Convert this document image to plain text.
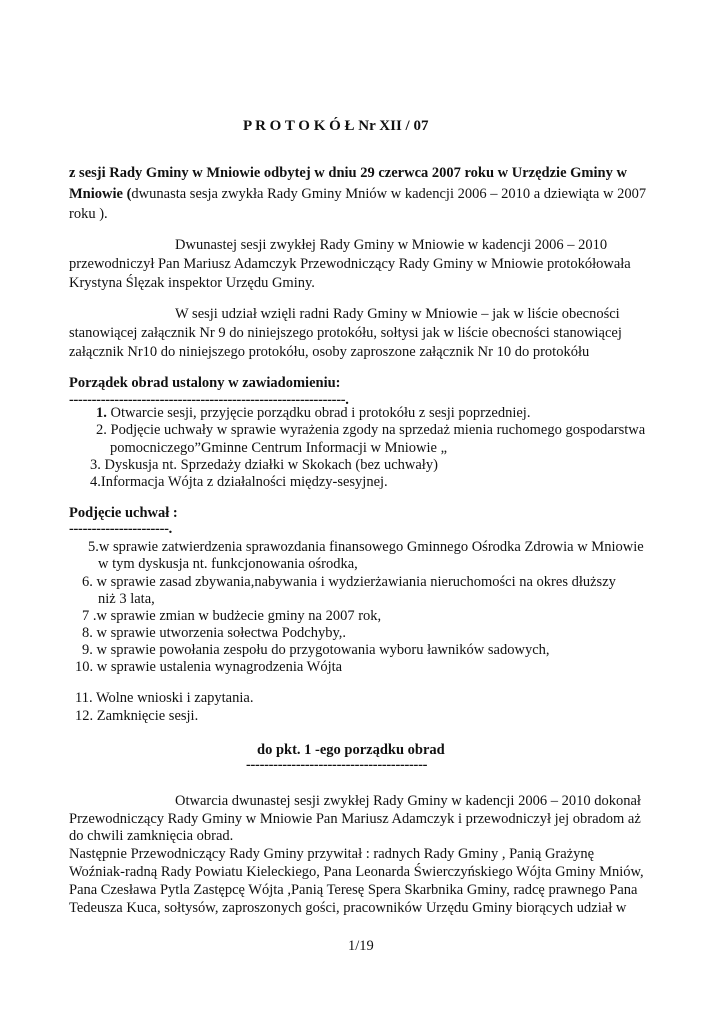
P R O T O K Ó Ł Nr XII / 07
z sesji Rady Gminy w Mniowie odbytej w dniu 29 czerwca 2007 roku w Urzędzie Gminy w
Mniowie (dwunasta sesja zwykła Rady Gminy Mniów w kadencji 2006 – 2010 a dziewiąta w 2007
roku ).
Dwunastej sesji zwykłej Rady Gminy w Mniowie w kadencji 2006 – 2010
przewodniczył Pan Mariusz Adamczyk Przewodniczący Rady Gminy w Mniowie protokółowała
Krystyna Ślęzak inspektor Urzędu Gminy.
W sesji udział wzięli radni Rady Gminy w Mniowie – jak w liście obecności
stanowiącej załącznik Nr 9 do niniejszego protokółu, sołtysi jak w liście obecności stanowiącej
załącznik Nr10 do niniejszego protokółu, osoby zaproszone załącznik Nr 10 do protokółu
Porządek obrad ustalony w zawiadomieniu:
-------------------------------------------------------------.
1. Otwarcie sesji, przyjęcie porządku obrad i protokółu z sesji poprzedniej.
2. Podjęcie uchwały w sprawie wyrażenia zgody na sprzedaż mienia ruchomego gospodarstwa
pomocniczego”Gminne Centrum Informacji w Mniowie „
3. Dyskusja nt. Sprzedaży działki w Skokach (bez uchwały)
4.Informacja Wójta z działalności między-sesyjnej.
Podjęcie uchwał :
----------------------.
5.w sprawie zatwierdzenia sprawozdania finansowego Gminnego Ośrodka Zdrowia w Mniowie
w tym dyskusja nt. funkcjonowania ośrodka,
6. w sprawie zasad zbywania,nabywania i wydzierżawiania nieruchomości na okres dłuższy
niż 3 lata,
7 .w sprawie zmian w budżecie gminy na 2007 rok,
8. w sprawie utworzenia sołectwa Podchyby,.
9. w sprawie powołania zespołu do przygotowania wyboru ławników sadowych,
10. w sprawie ustalenia wynagrodzenia Wójta
11. Wolne wnioski i zapytania.
12. Zamknięcie sesji.
do pkt. 1 -ego porządku obrad
----------------------------------------
Otwarcia dwunastej sesji zwykłej Rady Gminy w kadencji 2006 – 2010 dokonał
Przewodniczący Rady Gminy w Mniowie Pan Mariusz Adamczyk i przewodniczył jej obradom aż
do chwili zamknięcia obrad.
Następnie Przewodniczący Rady Gminy przywitał : radnych Rady Gminy , Panią Grażynę
Woźniak-radną Rady Powiatu Kieleckiego, Pana Leonarda Świerczyńskiego Wójta Gminy Mniów,
Pana Czesława Pytla Zastępcę Wójta ,Panią Teresę Spera Skarbnika Gminy, radcę prawnego Pana
Tedeusza Kuca, sołtysów, zaproszonych gości, pracowników Urzędu Gminy biorących udział w
1/19
